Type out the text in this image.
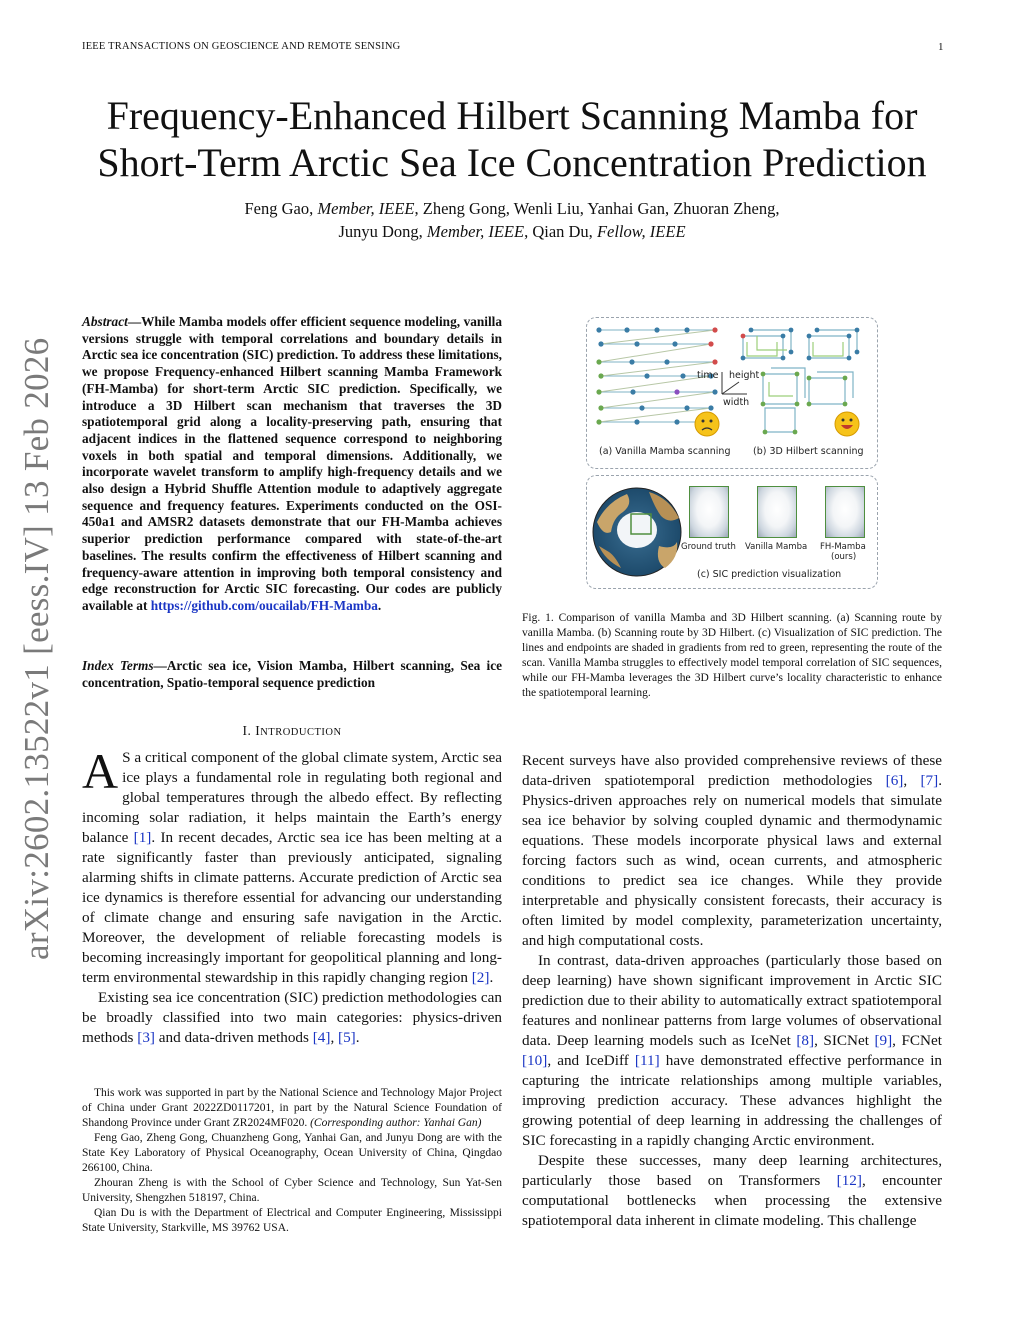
IEEE TRANSACTIONS ON GEOSCIENCE AND REMOTE SENSING	1
Frequency-Enhanced Hilbert Scanning Mamba for
Short-Term Arctic Sea Ice Concentration Prediction
Feng Gao, Member, IEEE, Zheng Gong, Wenli Liu, Yanhai Gan, Zhuoran Zheng,
Junyu Dong, Member, IEEE, Qian Du, Fellow, IEEE
arXiv:2602.13522v1 [eess.IV] 13 Feb 2026
Abstract—While Mamba models offer efficient sequence modeling, vanilla versions struggle with temporal correlations and boundary details in Arctic sea ice concentration (SIC) prediction. To address these limitations, we propose Frequency-enhanced Hilbert scanning Mamba Framework (FH-Mamba) for short-term Arctic SIC prediction. Specifically, we introduce a 3D Hilbert scan mechanism that traverses the 3D spatiotemporal grid along a locality-preserving path, ensuring that adjacent indices in the flattened sequence correspond to neighboring voxels in both spatial and temporal dimensions. Additionally, we incorporate wavelet transform to amplify high-frequency details and we also design a Hybrid Shuffle Attention module to adaptively aggregate sequence and frequency features. Experiments conducted on the OSI-450a1 and AMSR2 datasets demonstrate that our FH-Mamba achieves superior prediction performance compared with state-of-the-art baselines. The results confirm the effectiveness of Hilbert scanning and frequency-aware attention in improving both temporal consistency and edge reconstruction for Arctic SIC forecasting. Our codes are publicly available at https://github.com/oucailab/FH-Mamba.
Index Terms—Arctic sea ice, Vision Mamba, Hilbert scanning, Sea ice concentration, Spatio-temporal sequence prediction
I. INTRODUCTION

A S a critical component of the global climate system, Arctic sea ice plays a fundamental role in regulating both regional and global temperatures through the albedo effect. By reflecting incoming solar radiation, it helps maintain the Earth’s energy balance [1]. In recent decades, Arctic sea ice has been melting at a rate significantly faster than previously anticipated, signaling alarming shifts in climate patterns. Accurate prediction of Arctic sea ice dynamics is therefore essential for advancing our understanding of climate change and ensuring safe navigation in the Arctic. Moreover, the development of reliable forecasting models is becoming increasingly important for geopolitical planning and long-term environmental stewardship in this rapidly changing region [2].

Existing sea ice concentration (SIC) prediction methodologies can be broadly classified into two main categories: physics-driven methods [3] and data-driven methods [4], [5].

This work was supported in part by the National Science and Technology Major Project of China under Grant 2022ZD0117201, in part by the Natural Science Foundation of Shandong Province under Grant ZR2024MF020. (Corresponding author: Yanhai Gan)

Feng Gao, Zheng Gong, Chuanzheng Gong, Yanhai Gan, and Junyu Dong are with the State Key Laboratory of Physical Oceanography, Ocean University of China, Qingdao 266100, China.

Zhouran Zheng is with the School of Cyber Science and Technology, Sun Yat-Sen University, Shengzhen 518197, China.

Qian Du is with the Department of Electrical and Computer Engineering, Mississippi State University, Starkville, MS 39762 USA.

time height
width
(a) Vanilla Mamba scanning (b) 3D Hilbert scanning
Ground truth Vanilla Mamba FH-Mamba
(ours)
(c) SIC prediction visualization
Fig. 1. Comparison of vanilla Mamba and 3D Hilbert scanning. (a) Scanning route by vanilla Mamba. (b) Scanning route by 3D Hilbert. (c) Visualization of SIC prediction. The lines and endpoints are shaded in gradients from red to green, representing the route of the scan. Vanilla Mamba struggles to effectively model temporal correlation of SIC sequences, while our FH-Mamba leverages the 3D Hilbert curve’s locality characteristic to enhance the spatiotemporal learning.

Recent surveys have also provided comprehensive reviews of these data-driven spatiotemporal prediction methodologies [6], [7]. Physics-driven approaches rely on numerical models that simulate sea ice behavior by solving coupled dynamic and thermodynamic equations. These models incorporate physical laws and external forcing factors such as wind, ocean currents, and atmospheric conditions to predict sea ice changes. While they provide interpretable and physically consistent forecasts, their accuracy is often limited by model complexity, parameterization uncertainty, and high computational costs.

In contrast, data-driven approaches (particularly those based on deep learning) have shown significant improvement in Arctic SIC prediction due to their ability to automatically extract spatiotemporal features and nonlinear patterns from large volumes of observational data. Deep learning models such as IceNet [8], SICNet [9], FCNet [10], and IceDiff [11] have demonstrated effective performance in capturing the intricate relationships among multiple variables, improving prediction accuracy. These advances highlight the growing potential of deep learning in addressing the challenges of SIC forecasting in a rapidly changing Arctic environment.

Despite these successes, many deep learning architectures, particularly those based on Transformers [12], encounter computational bottlenecks when processing the extensive spatiotemporal data inherent in climate modeling. This challenge
